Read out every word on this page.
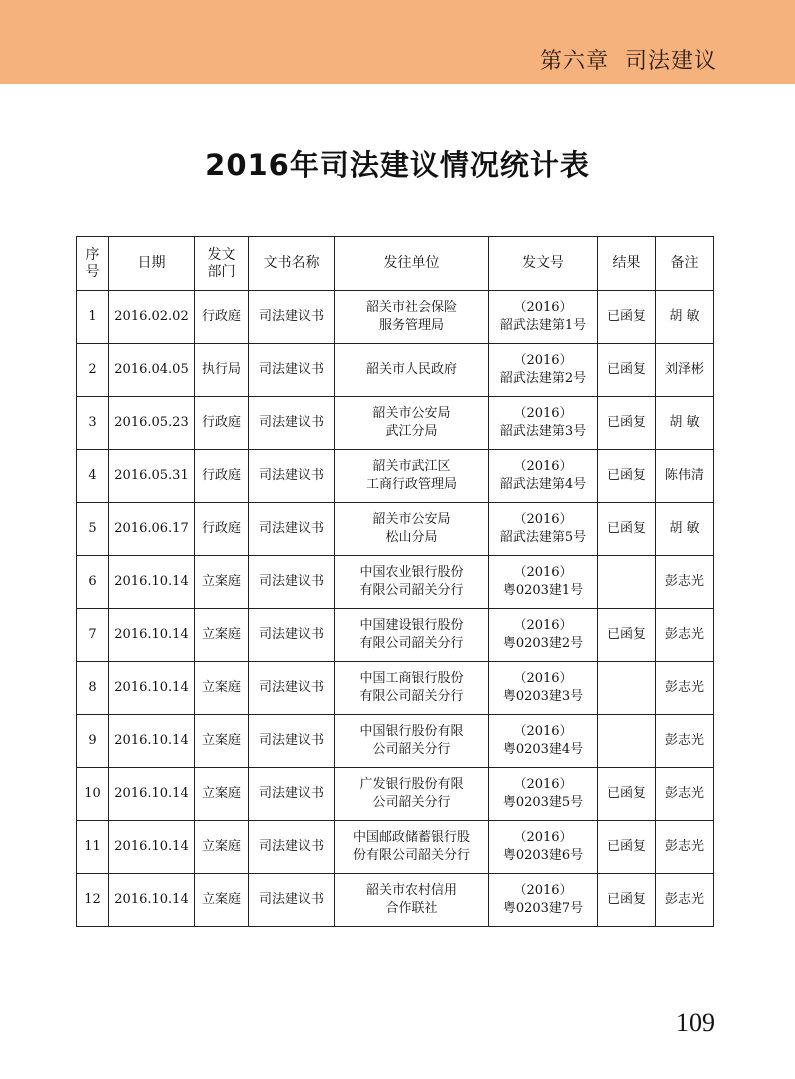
第六章  司法建议
2016年司法建议情况统计表
序
号	日期	发文
部门	文书名称	发往单位	发文号	结果	备注
1	2016.02.02	行政庭	司法建议书	韶关市社会保险
服务管理局	（2016）
韶武法建第1号	已函复	胡 敏
2	2016.04.05	执行局	司法建议书	韶关市人民政府	（2016）
韶武法建第2号	已函复	刘泽彬
3	2016.05.23	行政庭	司法建议书	韶关市公安局
武江分局	（2016）
韶武法建第3号	已函复	胡 敏
4	2016.05.31	行政庭	司法建议书	韶关市武江区
工商行政管理局	（2016）
韶武法建第4号	已函复	陈伟清
5	2016.06.17	行政庭	司法建议书	韶关市公安局
松山分局	（2016）
韶武法建第5号	已函复	胡 敏
6	2016.10.14	立案庭	司法建议书	中国农业银行股份
有限公司韶关分行	（2016）
粤0203建1号		彭志光
7	2016.10.14	立案庭	司法建议书	中国建设银行股份
有限公司韶关分行	（2016）
粤0203建2号	已函复	彭志光
8	2016.10.14	立案庭	司法建议书	中国工商银行股份
有限公司韶关分行	（2016）
粤0203建3号		彭志光
9	2016.10.14	立案庭	司法建议书	中国银行股份有限
公司韶关分行	（2016）
粤0203建4号		彭志光
10	2016.10.14	立案庭	司法建议书	广发银行股份有限
公司韶关分行	（2016）
粤0203建5号	已函复	彭志光
11	2016.10.14	立案庭	司法建议书	中国邮政储蓄银行股
份有限公司韶关分行	（2016）
粤0203建6号	已函复	彭志光
12	2016.10.14	立案庭	司法建议书	韶关市农村信用
合作联社	（2016）
粤0203建7号	已函复	彭志光
109
